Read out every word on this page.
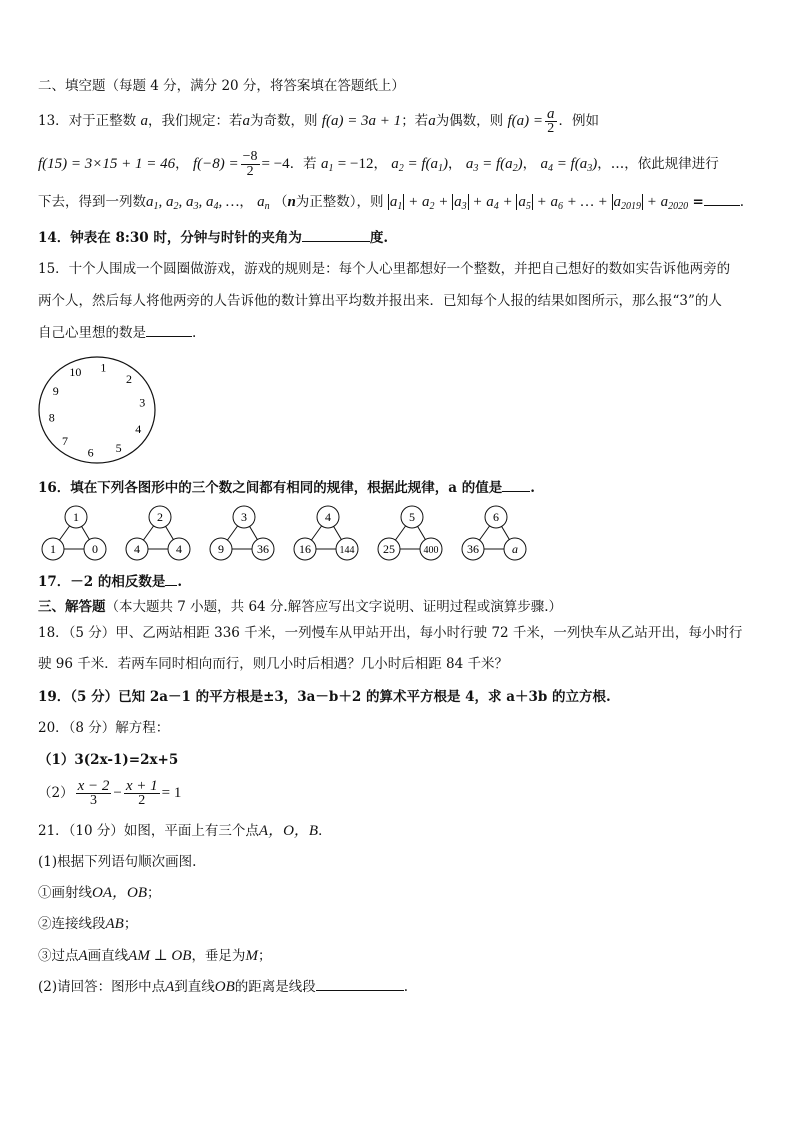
二、填空题（每题 4 分，满分 20 分，将答案填在答题纸上）
13．对于正整数 a，我们规定：若a为奇数，则 f(a) = 3a + 1；若a为偶数，则 $f(a) = \frac{a}{2}$ ．例如
f(15) = 3×15 + 1 = 46， $f(-8) = \frac{-8}{2} = -4$．若 $a_1 = -12$， $a_2 = f(a_1)$， $a_3 = f(a_2)$， $a_4 = f(a_3)$，…，依此规律进行
下去，得到一列数$a_1$, $a_2$, $a_3$, $a_4$, …， $a_n$ （n为正整数），则 $a_1 + a_2 + a_3 + a_4 + a_5 + a_6$ + … + $a_{2019} + a_{2020}$ =	.
14．钟表在 8:30 时，分钟与时针的夹角为	度.
15．十个人围成一个圆圈做游戏，游戏的规则是：每个人心里都想好一个整数，并把自己想好的数如实告诉他两旁的
两个人，然后每人将他两旁的人告诉他的数计算出平均数并报出来．已知每个人报的结果如图所示，那么报“3”的人
自己心里想的数是	.
1
2
3
4
5
6
7
8
9
10
16．填在下列各图形中的三个数之间都有相同的规律，根据此规律，a 的值是 .
1
1	0
2
4	4
3
9	36
4
16	144
5
25	400
6
36	a
17．－2 的相反数是 .
三、解答题（本大题共 7 小题，共 64 分.解答应写出文字说明、证明过程或演算步骤.）
18．（5 分）甲、乙两站相距 336 千米，一列慢车从甲站开出，每小时行驶 72 千米，一列快车从乙站开出，每小时行
驶 96 千米．若两车同时相向而行，则几小时后相遇？几小时后相距 84 千米？
19．（5 分）已知 2a－1 的平方根是±3，3a－b＋2 的算术平方根是 4，求 a＋3b 的立方根.
20．（8 分）解方程：
（1）3(2x-1)=2x+5
$(2) \frac{x - 2}{3} - \frac{x + 1}{2} = 1$
21．（10 分）如图，平面上有三个点A，O，B．
(1)根据下列语句顺次画图.
①画射线OA，OB；
②连接线段AB；
③过点A画直线AM ⊥ OB，垂足为M；
(2)请回答：图形中点A到直线OB的距离是线段	.
